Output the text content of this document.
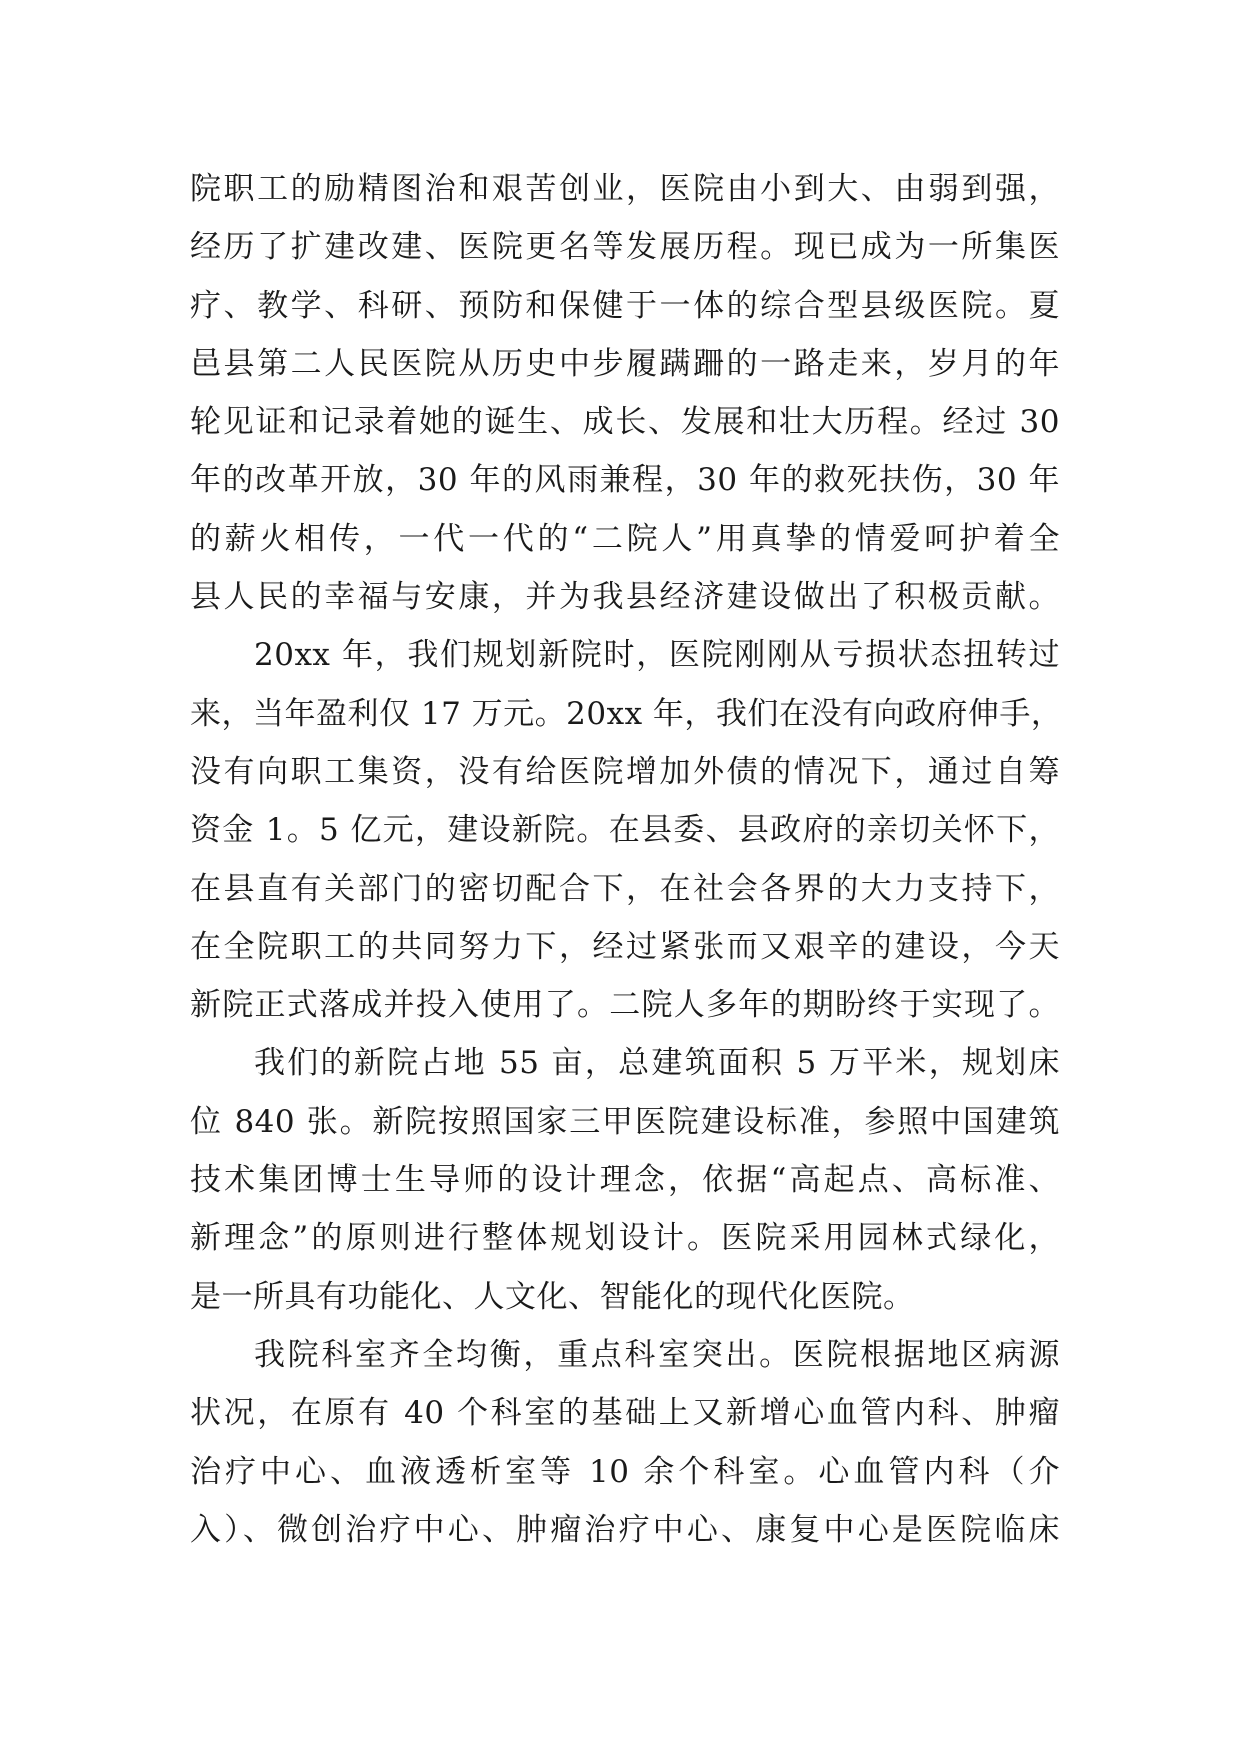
院职工的励精图治和艰苦创业，医院由小到大、由弱到强，
经历了扩建改建、医院更名等发展历程。现已成为一所集医
疗、教学、科研、预防和保健于一体的综合型县级医院。夏
邑县第二人民医院从历史中步履蹒跚的一路走来，岁月的年
轮见证和记录着她的诞生、成长、发展和壮大历程。经过 30
年的改革开放，30 年的风雨兼程，30 年的救死扶伤，30 年
的薪火相传，一代一代的“二院人”用真挚的情爱呵护着全
县人民的幸福与安康，并为我县经济建设做出了积极贡献。
20xx 年，我们规划新院时，医院刚刚从亏损状态扭转过
来，当年盈利仅 17 万元。20xx 年，我们在没有向政府伸手，
没有向职工集资，没有给医院增加外债的情况下，通过自筹
资金 1。5 亿元，建设新院。在县委、县政府的亲切关怀下，
在县直有关部门的密切配合下，在社会各界的大力支持下，
在全院职工的共同努力下，经过紧张而又艰辛的建设，今天
新院正式落成并投入使用了。二院人多年的期盼终于实现了。
我们的新院占地 55 亩，总建筑面积 5 万平米，规划床
位 840 张。新院按照国家三甲医院建设标准，参照中国建筑
技术集团博士生导师的设计理念，依据“高起点、高标准、
新理念”的原则进行整体规划设计。医院采用园林式绿化，
是一所具有功能化、人文化、智能化的现代化医院。
我院科室齐全均衡，重点科室突出。医院根据地区病源
状况，在原有 40 个科室的基础上又新增心血管内科、肿瘤
治疗中心、血液透析室等 10 余个科室。心血管内科（介
入）、微创治疗中心、肿瘤治疗中心、康复中心是医院临床
